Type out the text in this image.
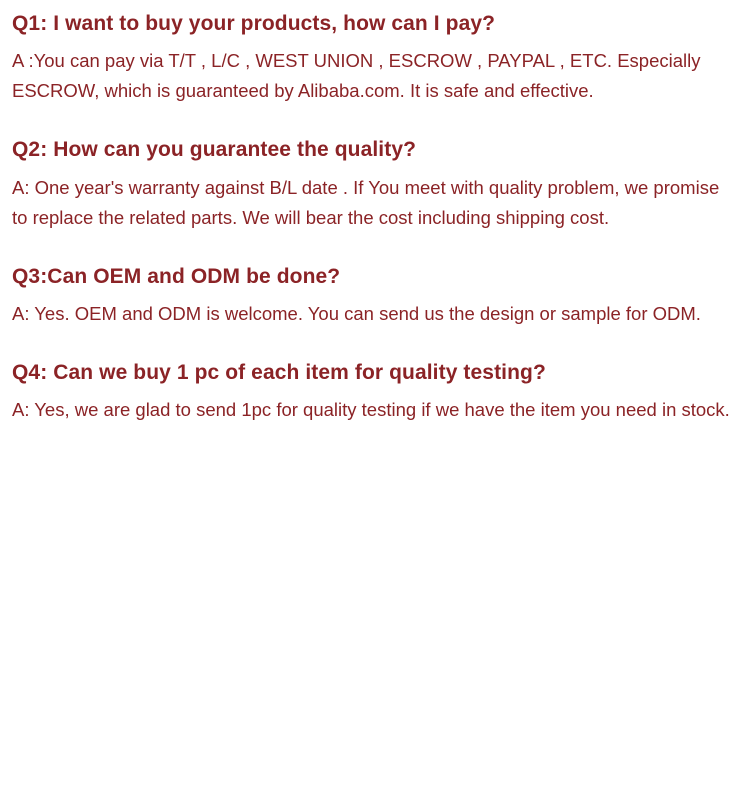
Q1: I want to buy your products, how can I pay?

A :You can pay via T/T , L/C , WEST UNION , ESCROW , PAYPAL , ETC. Especially ESCROW, which is guaranteed by Alibaba.com. It is safe and effective.

Q2: How can you guarantee the quality?

A: One year's warranty against B/L date . If You meet with quality problem, we promise to replace the related parts. We will bear the cost including shipping cost.

Q3:Can OEM and ODM be done?

A: Yes. OEM and ODM is welcome. You can send us the design or sample for ODM.

Q4: Can we buy 1 pc of each item for quality testing?

A: Yes, we are glad to send 1pc for quality testing if we have the item you need in stock.
